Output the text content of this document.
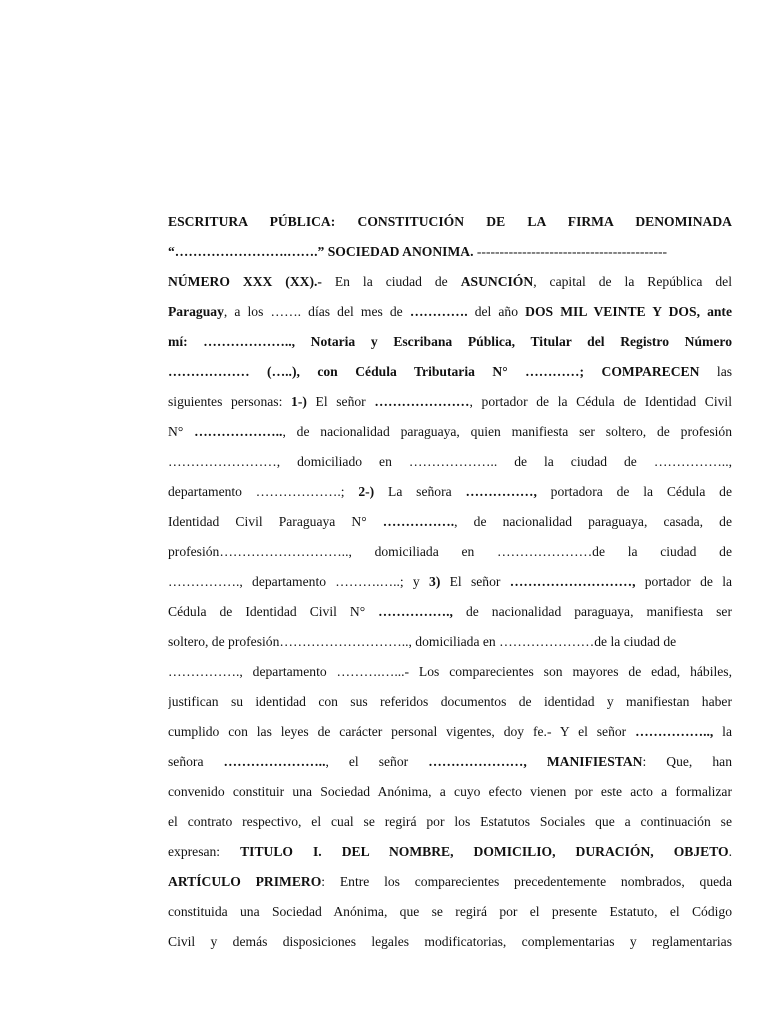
ESCRITURA PÚBLICA: CONSTITUCIÓN DE LA FIRMA DENOMINADA
“…………………….…….” SOCIEDAD ANONIMA. ------------------------------------------
NÚMERO XXX (XX).- En la ciudad de ASUNCIÓN, capital de la República del
Paraguay, a los ……. días del mes de …………. del año DOS MIL VEINTE Y DOS, ante
mí: ……………….., Notaria y Escribana Pública, Titular del Registro Número
……………… (…..), con Cédula Tributaria N° …………; COMPARECEN las
siguientes personas: 1-) El señor …………………, portador de la Cédula de Identidad Civil
N° ……………….., de nacionalidad paraguaya, quien manifiesta ser soltero, de profesión
……………………, domiciliado en ……………….. de la ciudad de ……………..,
departamento ……………….; 2-) La señora ……………, portadora de la Cédula de
Identidad Civil Paraguaya N° ……………., de nacionalidad paraguaya, casada, de
profesión……………………….., domiciliada en …………………de la ciudad de
……………., departamento ……….…..; y 3) El señor ………………………, portador de la
Cédula de Identidad Civil N° ……………., de nacionalidad paraguaya, manifiesta ser
soltero, de profesión……………………….., domiciliada en …………………de la ciudad de
……………., departamento ……….…...- Los comparecientes son mayores de edad, hábiles,
justifican su identidad con sus referidos documentos de identidad y manifiestan haber
cumplido con las leyes de carácter personal vigentes, doy fe.- Y el señor …………….., la
señora ………………….., el señor …………………, MANIFIESTAN: Que, han
convenido constituir una Sociedad Anónima, a cuyo efecto vienen por este acto a formalizar
el contrato respectivo, el cual se regirá por los Estatutos Sociales que a continuación se
expresan: TITULO I. DEL NOMBRE, DOMICILIO, DURACIÓN, OBJETO.
ARTÍCULO PRIMERO: Entre los comparecientes precedentemente nombrados, queda
constituida una Sociedad Anónima, que se regirá por el presente Estatuto, el Código
Civil y demás disposiciones legales modificatorias, complementarias y reglamentarias
